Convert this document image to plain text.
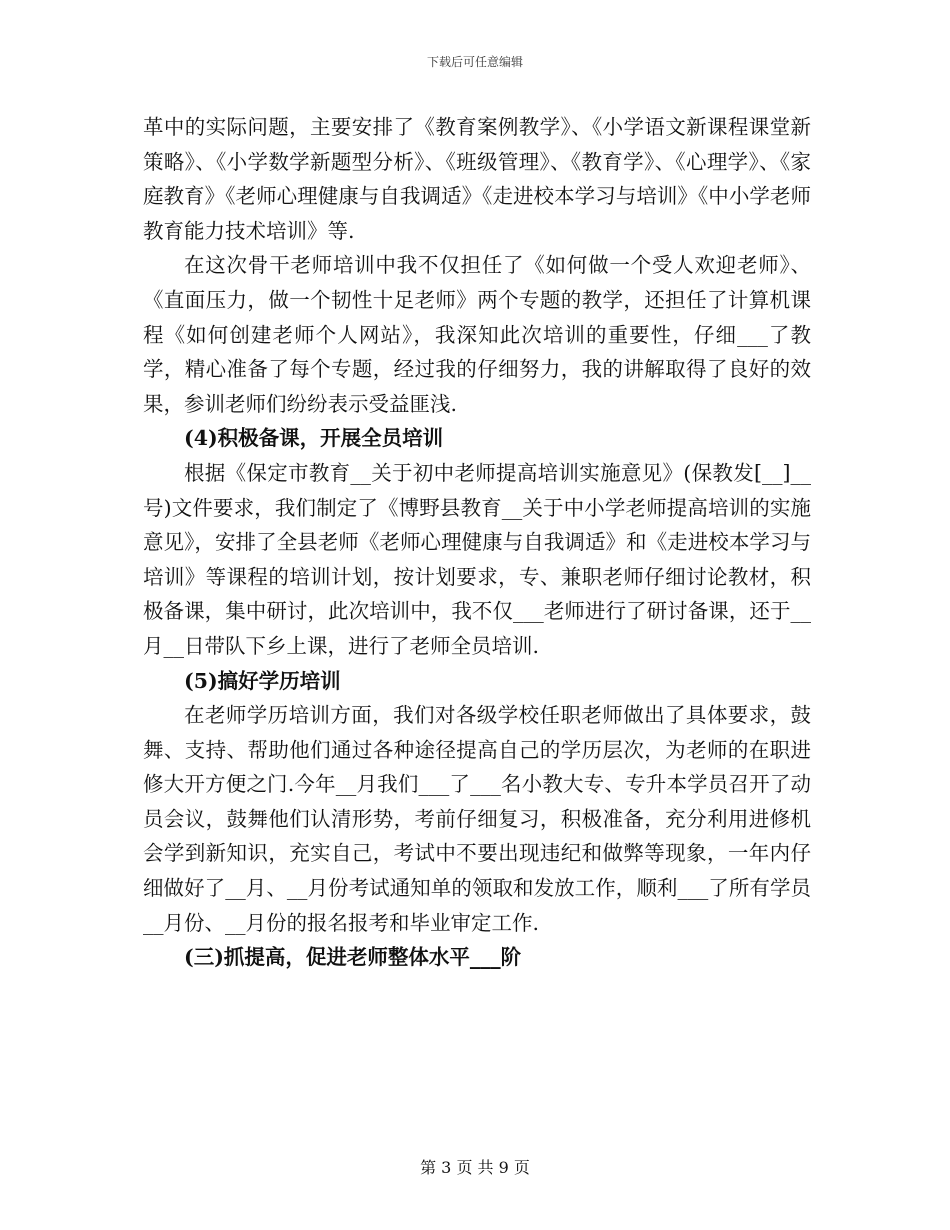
下载后可任意编辑

革中的实际问题，主要安排了《教育案例教学》、《小学语文新课程课堂新策略》、《小学数学新题型分析》、《班级管理》、《教育学》、《心理学》、《家庭教育》《老师心理健康与自我调适》《走进校本学习与培训》《中小学老师教育能力技术培训》等.

在这次骨干老师培训中我不仅担任了《如何做一个受人欢迎老师》、《直面压力，做一个韧性十足老师》两个专题的教学，还担任了计算机课程《如何创建老师个人网站》，我深知此次培训的重要性，仔细___了教学，精心准备了每个专题，经过我的仔细努力，我的讲解取得了良好的效果，参训老师们纷纷表示受益匪浅.

(4)积极备课，开展全员培训

根据《保定市教育__关于初中老师提高培训实施意见》(保教发[__]__号)文件要求，我们制定了《博野县教育__关于中小学老师提高培训的实施意见》，安排了全县老师《老师心理健康与自我调适》和《走进校本学习与培训》等课程的培训计划，按计划要求，专、兼职老师仔细讨论教材，积极备课，集中研讨，此次培训中，我不仅___老师进行了研讨备课，还于__月__日带队下乡上课，进行了老师全员培训.

(5)搞好学历培训

在老师学历培训方面，我们对各级学校任职老师做出了具体要求，鼓舞、支持、帮助他们通过各种途径提高自己的学历层次，为老师的在职进修大开方便之门.今年__月我们___了___名小教大专、专升本学员召开了动员会议，鼓舞他们认清形势，考前仔细复习，积极准备，充分利用进修机会学到新知识，充实自己，考试中不要出现违纪和做弊等现象，一年内仔细做好了__月、__月份考试通知单的领取和发放工作，顺利___了所有学员__月份、__月份的报名报考和毕业审定工作.

(三)抓提高，促进老师整体水平___阶

第 3 页 共 9 页
